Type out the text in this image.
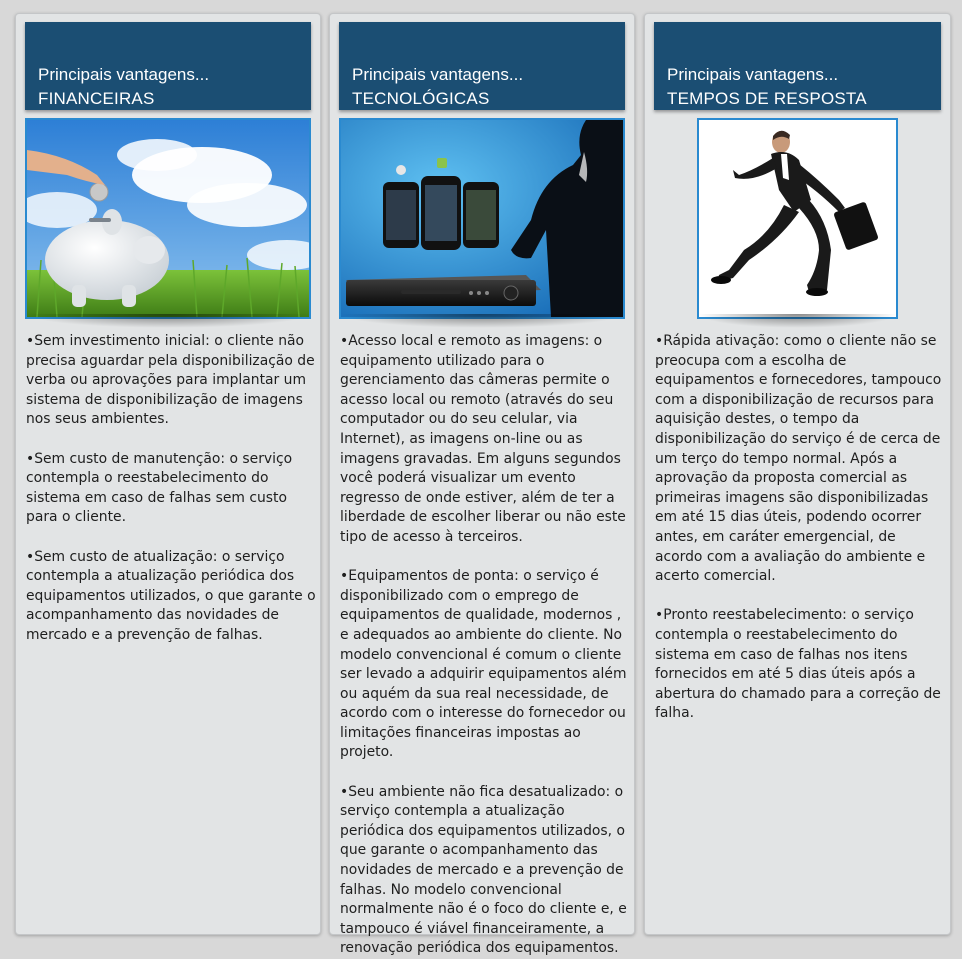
Principais vantagens...
FINANCEIRAS

•Sem investimento inicial: o cliente não precisa aguardar pela disponibilização de verba ou aprovações para implantar um sistema de disponibilização de imagens nos seus ambientes.

•Sem custo de manutenção: o serviço contempla o reestabelecimento do sistema em caso de falhas sem custo para o cliente.

•Sem custo de atualização: o serviço contempla a atualização periódica dos equipamentos utilizados, o que garante o acompanhamento das novidades de mercado e a prevenção de falhas.

Principais vantagens...
TECNOLÓGICAS

•Acesso local e remoto as imagens: o equipamento utilizado para o gerenciamento das câmeras permite o acesso local ou remoto (através do seu computador ou do seu celular, via Internet), as imagens on-line ou as imagens gravadas. Em alguns segundos você poderá visualizar um evento regresso de onde estiver, além de ter a liberdade de escolher liberar ou não este tipo de acesso à terceiros.

•Equipamentos de ponta: o serviço é disponibilizado com o emprego de equipamentos de qualidade, modernos , e adequados ao ambiente do cliente. No modelo convencional é comum o cliente ser levado a adquirir equipamentos além ou aquém da sua real necessidade, de acordo com o interesse do fornecedor ou limitações financeiras impostas ao projeto.

•Seu ambiente não fica desatualizado: o serviço contempla a atualização periódica dos equipamentos utilizados, o que garante o acompanhamento das novidades de mercado e a prevenção de falhas. No modelo convencional normalmente não é o foco do cliente e, e tampouco é viável financeiramente, a renovação periódica dos equipamentos.

Principais vantagens...
TEMPOS DE RESPOSTA

•Rápida ativação: como o cliente não se preocupa com a escolha de equipamentos e fornecedores, tampouco com a disponibilização de recursos para aquisição destes, o tempo da disponibilização do serviço é de cerca de um terço do tempo normal. Após a aprovação da proposta comercial as primeiras imagens são disponibilizadas em até 15 dias úteis, podendo ocorrer antes, em caráter emergencial, de acordo com a avaliação do ambiente e acerto comercial.

•Pronto reestabelecimento: o serviço contempla o reestabelecimento do sistema em caso de falhas nos itens fornecidos em até 5 dias úteis após a abertura do chamado para a correção de falha.
